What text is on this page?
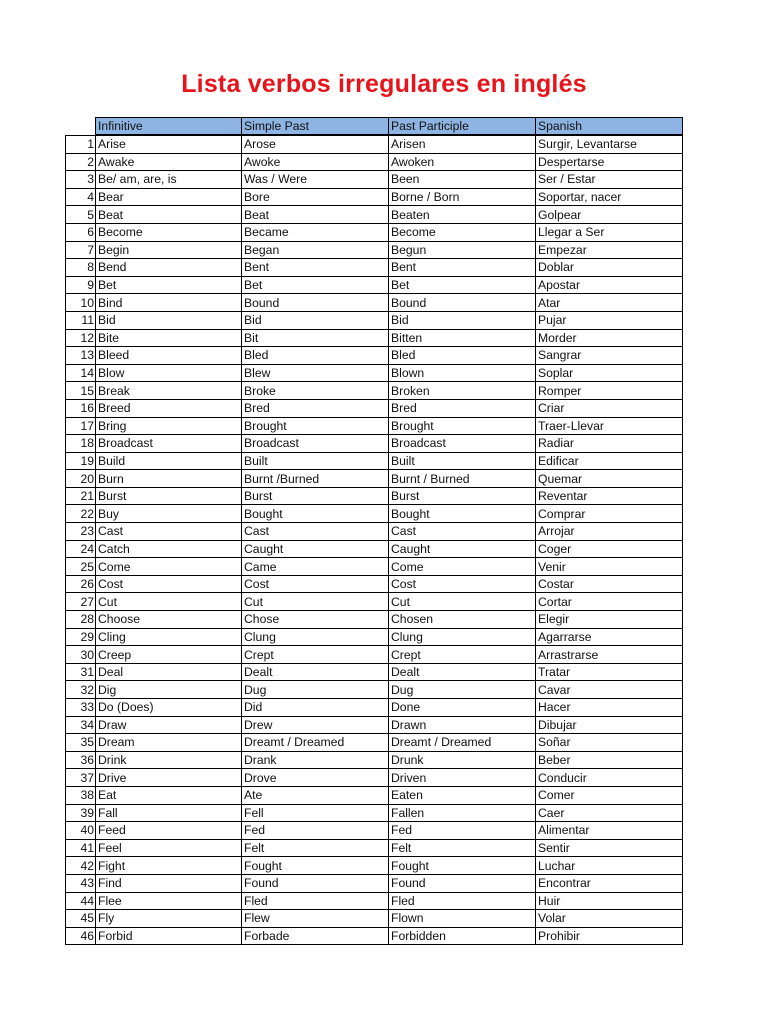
Lista verbos irregulares en inglés
	Infinitive	Simple Past	Past Participle	Spanish
1	Arise	Arose	Arisen	Surgir, Levantarse
2	Awake	Awoke	Awoken	Despertarse
3	Be/ am, are, is	Was / Were	Been	Ser / Estar
4	Bear	Bore	Borne / Born	Soportar, nacer
5	Beat	Beat	Beaten	Golpear
6	Become	Became	Become	Llegar a Ser
7	Begin	Began	Begun	Empezar
8	Bend	Bent	Bent	Doblar
9	Bet	Bet	Bet	Apostar
10	Bind	Bound	Bound	Atar
11	Bid	Bid	Bid	Pujar
12	Bite	Bit	Bitten	Morder
13	Bleed	Bled	Bled	Sangrar
14	Blow	Blew	Blown	Soplar
15	Break	Broke	Broken	Romper
16	Breed	Bred	Bred	Criar
17	Bring	Brought	Brought	Traer-Llevar
18	Broadcast	Broadcast	Broadcast	Radiar
19	Build	Built	Built	Edificar
20	Burn	Burnt /Burned	Burnt / Burned	Quemar
21	Burst	Burst	Burst	Reventar
22	Buy	Bought	Bought	Comprar
23	Cast	Cast	Cast	Arrojar
24	Catch	Caught	Caught	Coger
25	Come	Came	Come	Venir
26	Cost	Cost	Cost	Costar
27	Cut	Cut	Cut	Cortar
28	Choose	Chose	Chosen	Elegir
29	Cling	Clung	Clung	Agarrarse
30	Creep	Crept	Crept	Arrastrarse
31	Deal	Dealt	Dealt	Tratar
32	Dig	Dug	Dug	Cavar
33	Do (Does)	Did	Done	Hacer
34	Draw	Drew	Drawn	Dibujar
35	Dream	Dreamt / Dreamed	Dreamt / Dreamed	Soñar
36	Drink	Drank	Drunk	Beber
37	Drive	Drove	Driven	Conducir
38	Eat	Ate	Eaten	Comer
39	Fall	Fell	Fallen	Caer
40	Feed	Fed	Fed	Alimentar
41	Feel	Felt	Felt	Sentir
42	Fight	Fought	Fought	Luchar
43	Find	Found	Found	Encontrar
44	Flee	Fled	Fled	Huir
45	Fly	Flew	Flown	Volar
46	Forbid	Forbade	Forbidden	Prohibir
